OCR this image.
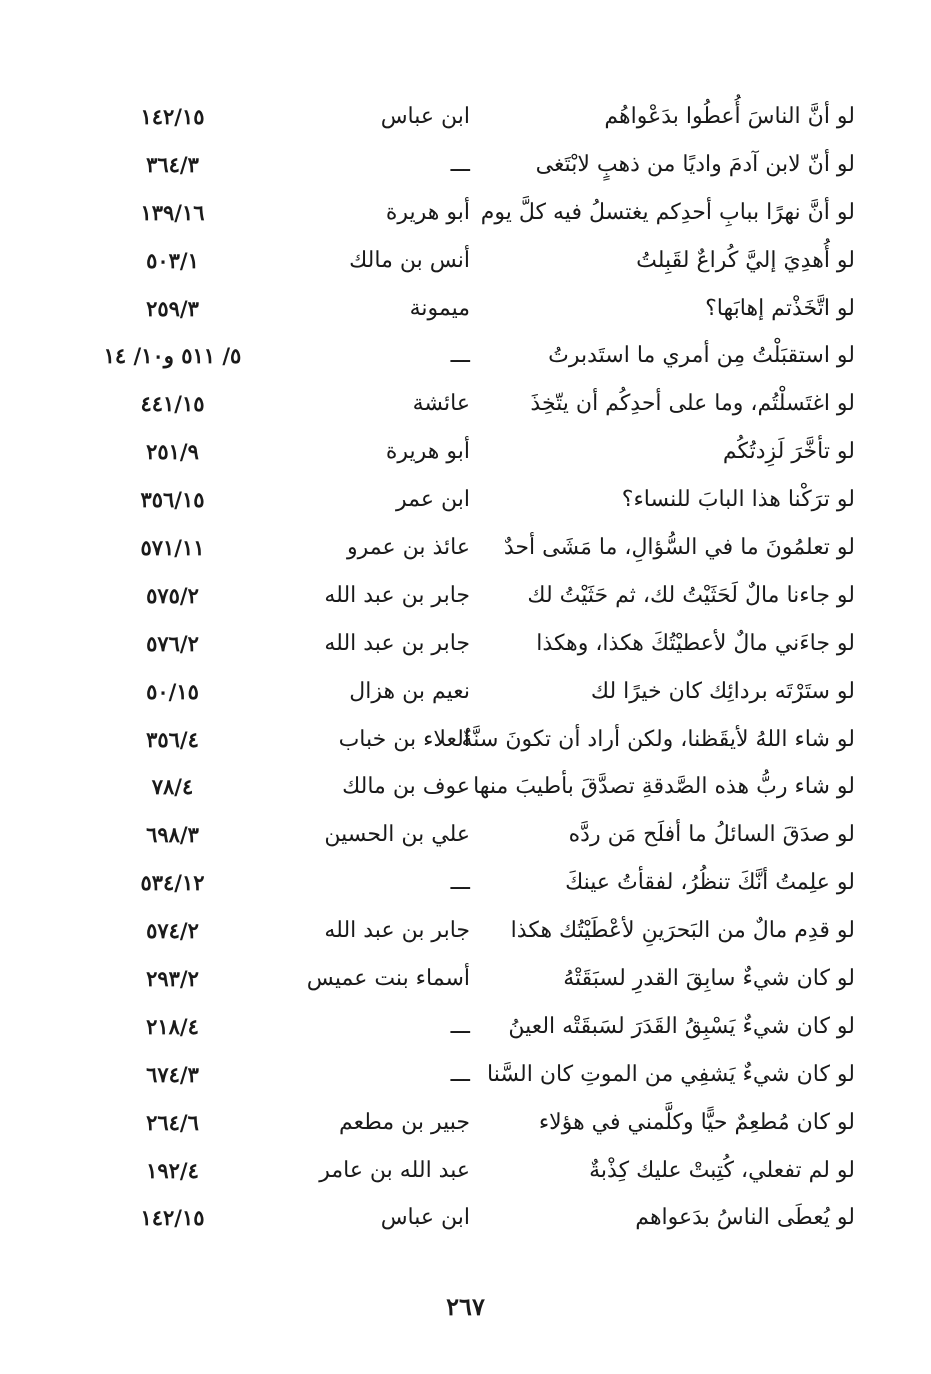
لو أنَّ الناسَ أُعطُوا بدَعْواهُم
ابن عباس
١٤٢/١٥
لو أنّ لابن آدمَ واديًا من ذهبٍ لابْتَغى
ـــ
٣٦٤/٣
لو أنَّ نهرًا ببابِ أحدِكم يغتسلُ فيه كلَّ يوم
أبو هريرة
١٣٩/١٦
لو أُهدِيَ إليَّ كُراعٌ لقَبِلتُ
أنس بن مالك
٥٠٣/١
لو اتَّخَذْتم إهابَها؟
ميمونة
٢٥٩/٣
لو استقبَلْتُ مِن أمري ما استَدبرتُ
ـــ
٥/ ٥١١ و١٠/ ١٤
لو اغتَسلْتُم، وما على أحدِكُم أن يتّخِذَ
عائشة
٤٤١/١٥
لو تأخَّرَ لَزِدتُكُم
أبو هريرة
٢٥١/٩
لو ترَكْنا هذا البابَ للنساء؟
ابن عمر
٣٥٦/١٥
لو تعلمُونَ ما في السُّؤالِ، ما مَشَى أحدٌ
عائذ بن عمرو
٥٧١/١١
لو جاءنا مالٌ لَحَثَيْتُ لك، ثم حَثَيْتُ لك
جابر بن عبد الله
٥٧٥/٢
لو جاءَني مالٌ لأعطيْتُكَ هكذا، وهكذا
جابر بن عبد الله
٥٧٦/٢
لو ستَرْتَه بردائِك كان خيرًا لك
نعيم بن هزال
٥٠/١٥
لو شاء اللهُ لأيقَظنا، ولكن أراد أن تكونَ سنَّةٌ
العلاء بن خباب
٣٥٦/٤
لو شاء ربُّ هذه الصَّدقةِ تصدَّقَ بأطيبَ منها
عوف بن مالك
٧٨/٤
لو صدَقَ السائلُ ما أفلَح مَن ردَّه
علي بن الحسين
٦٩٨/٣
لو علِمتُ أنَّكَ تنظُرُ، لفقأتُ عينكَ
ـــ
٥٣٤/١٢
لو قدِم مالٌ من البَحرَينِ لأعْطَيْتُك هكذا
جابر بن عبد الله
٥٧٤/٢
لو كان شيءٌ سابِقَ القدرِ لسبَقَتْهُ
أسماء بنت عميس
٢٩٣/٢
لو كان شيءٌ يَسْبِقُ القَدَرَ لسَبقَتْه العينُ
ـــ
٢١٨/٤
لو كان شيءٌ يَشفِي من الموتِ كان السَّنا
ـــ
٦٧٤/٣
لو كان مُطعِمٌ حيًّا وكلَّمني في هؤلاء
جبير بن مطعم
٢٦٤/٦
لو لم تفعلي، كُتِبتْ عليك كِذْبةٌ
عبد الله بن عامر
١٩٢/٤
لو يُعطَى الناسُ بدَعواهم
ابن عباس
١٤٢/١٥
٢٦٧
